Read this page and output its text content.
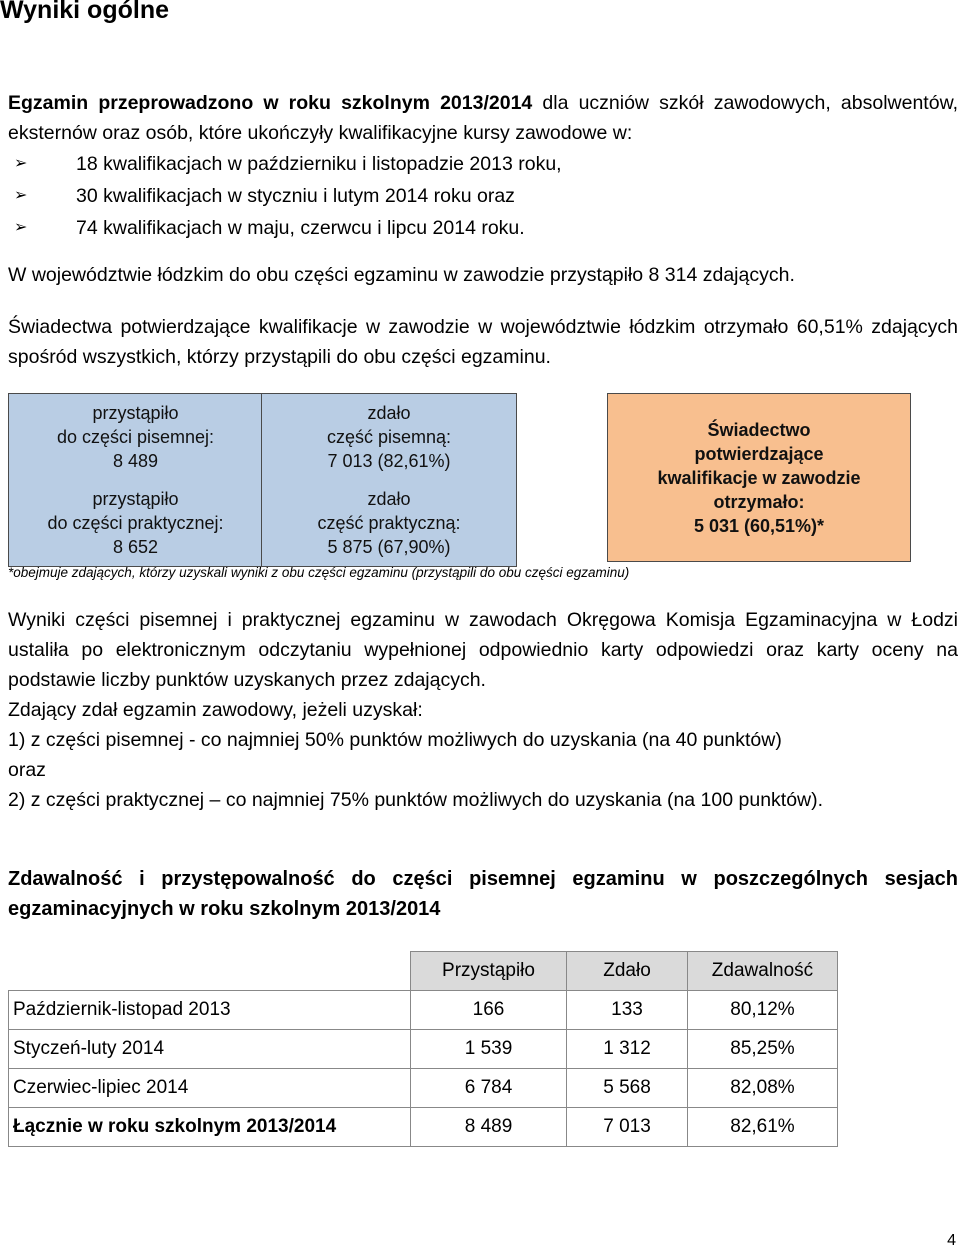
Wyniki ogólne

Egzamin przeprowadzono w roku szkolnym 2013/2014 dla uczniów szkół zawodowych, absolwentów, eksternów oraz osób, które ukończyły kwalifikacyjne kursy zawodowe w:

➢	18 kwalifikacjach w październiku i listopadzie 2013 roku,
➢	30 kwalifikacjach w styczniu i lutym 2014 roku oraz
➢	74 kwalifikacjach w maju, czerwcu i lipcu 2014 roku.

W województwie łódzkim do obu części egzaminu w zawodzie przystąpiło 8 314 zdających.

Świadectwa potwierdzające kwalifikacje w zawodzie w województwie łódzkim otrzymało 60,51% zdających spośród wszystkich, którzy przystąpili do obu części egzaminu.

przystąpiło
do części pisemnej:
8 489
przystąpiło
do części praktycznej:
8 652
zdało
część pisemną:
7 013 (82,61%)
zdało
część praktyczną:
5 875 (67,90%)
Świadectwo
potwierdzające
kwalifikacje w zawodzie
otrzymało:
5 031 (60,51%)*

*obejmuje zdających, którzy uzyskali wyniki z obu części egzaminu (przystąpili do obu części egzaminu)

Wyniki części pisemnej i praktycznej egzaminu w zawodach Okręgowa Komisja Egzaminacyjna w Łodzi ustaliła po elektronicznym odczytaniu wypełnionej odpowiednio karty odpowiedzi oraz karty oceny na podstawie liczby punktów uzyskanych przez zdających.
Zdający zdał egzamin zawodowy, jeżeli uzyskał:
1) z części pisemnej - co najmniej 50% punktów możliwych do uzyskania (na 40 punktów)
oraz
2) z części praktycznej – co najmniej 75% punktów możliwych do uzyskania (na 100 punktów).
Zdawalność i przystępowalność do części pisemnej egzaminu w poszczególnych sesjach egzaminacyjnych w roku szkolnym 2013/2014
	Przystąpiło	Zdało	Zdawalność
Październik-listopad 2013	166	133	80,12%
Styczeń-luty 2014	1 539	1 312	85,25%
Czerwiec-lipiec 2014	6 784	5 568	82,08%
Łącznie w roku szkolnym 2013/2014	8 489	7 013	82,61%
4
